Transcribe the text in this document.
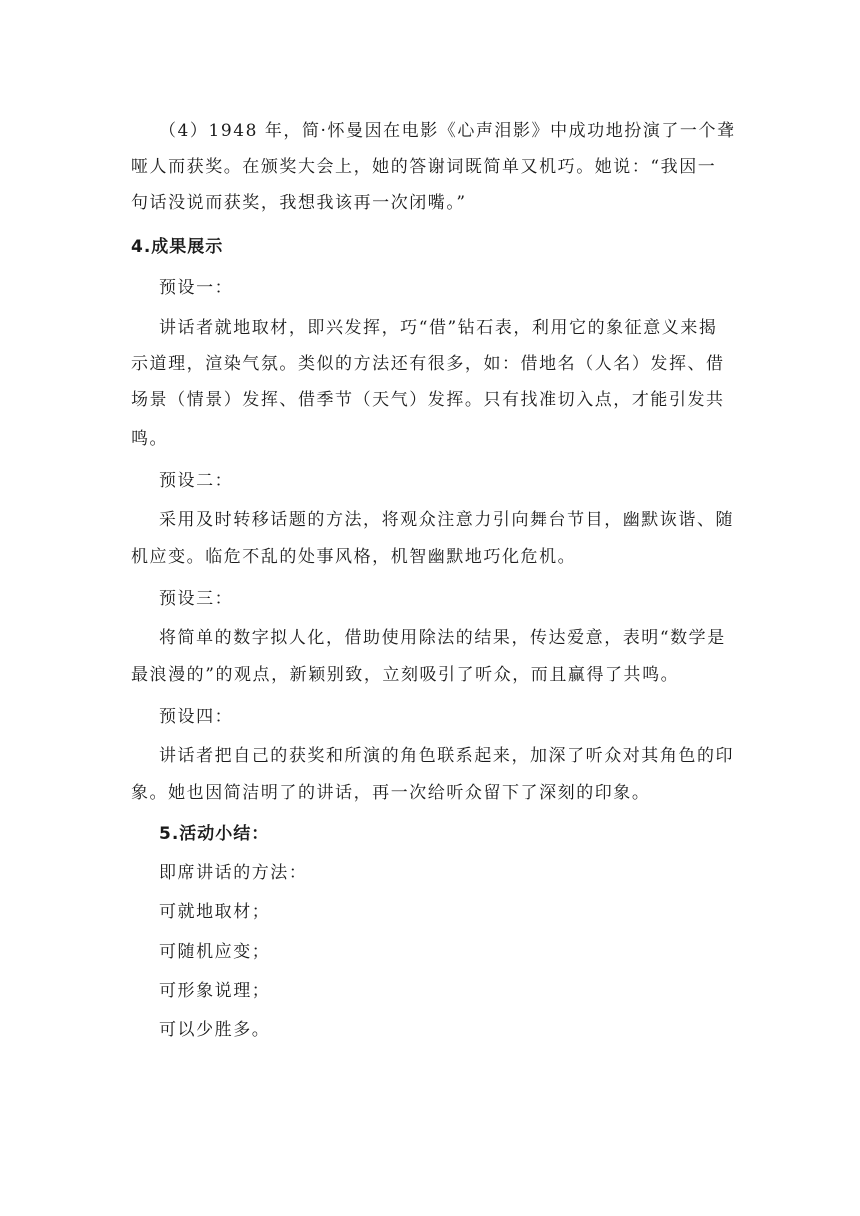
（4）1948 年，简·怀曼因在电影《心声泪影》中成功地扮演了一个聋
哑人而获奖。在颁奖大会上，她的答谢词既简单又机巧。她说：“我因一
句话没说而获奖，我想我该再一次闭嘴。”
4.成果展示
预设一：
讲话者就地取材，即兴发挥，巧“借”钻石表，利用它的象征意义来揭
示道理，渲染气氛。类似的方法还有很多，如：借地名（人名）发挥、借
场景（情景）发挥、借季节（天气）发挥。只有找准切入点，才能引发共
鸣。
预设二：
采用及时转移话题的方法，将观众注意力引向舞台节目，幽默诙谐、随
机应变。临危不乱的处事风格，机智幽默地巧化危机。
预设三：
将简单的数字拟人化，借助使用除法的结果，传达爱意，表明“数学是
最浪漫的”的观点，新颖别致，立刻吸引了听众，而且赢得了共鸣。
预设四：
讲话者把自己的获奖和所演的角色联系起来，加深了听众对其角色的印
象。她也因简洁明了的讲话，再一次给听众留下了深刻的印象。
5.活动小结：
即席讲话的方法：
可就地取材；
可随机应变；
可形象说理；
可以少胜多。
